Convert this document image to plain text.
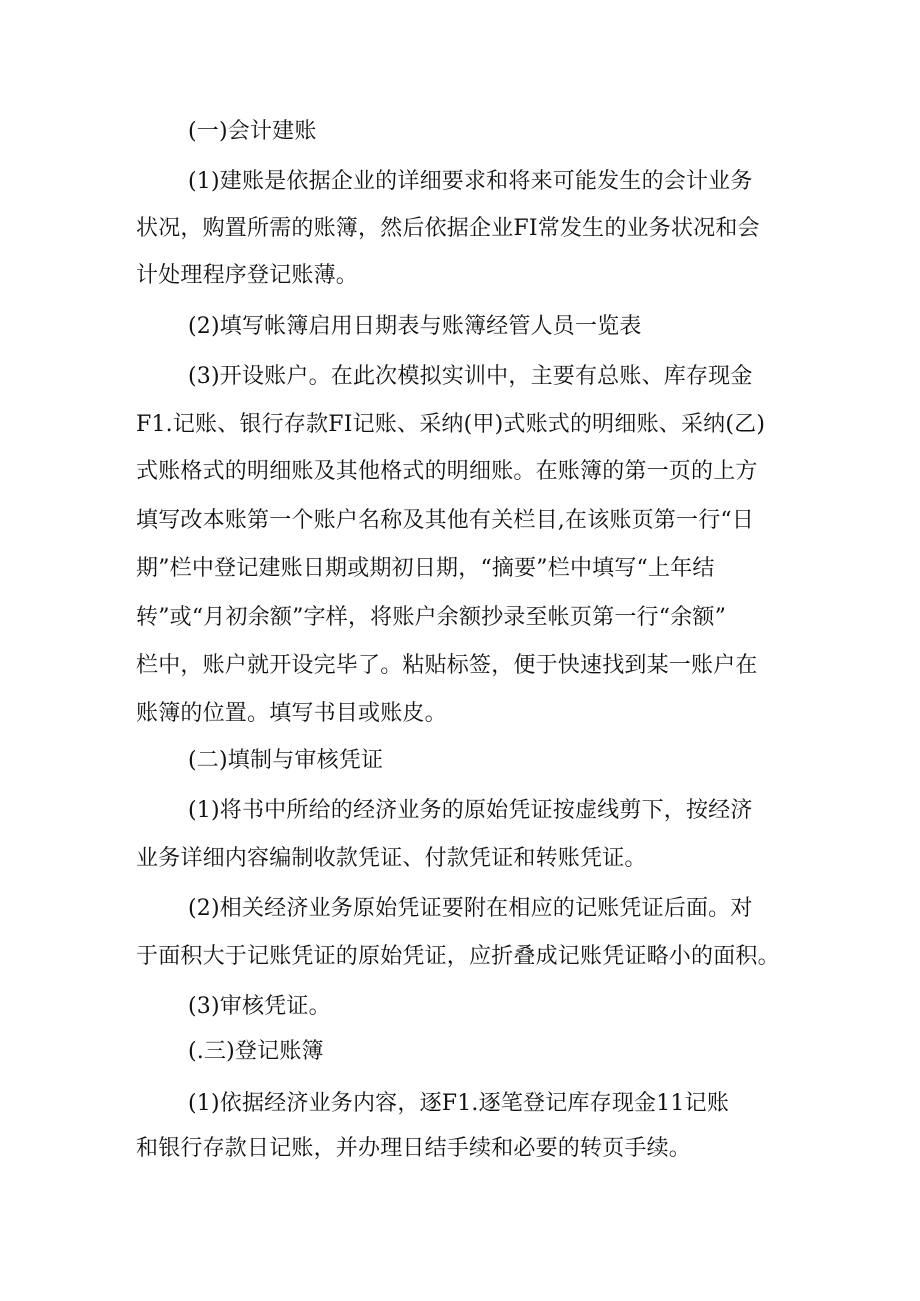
(一)会计建账

(1)建账是依据企业的详细要求和将来可能发生的会计业务

状况，购置所需的账簿，然后依据企业FI常发生的业务状况和会

计处理程序登记账薄。

(2)填写帐簿启用日期表与账簿经管人员一览表

(3)开设账户。在此次模拟实训中，主要有总账、库存现金

F1.记账、银行存款FI记账、采纳(甲)式账式的明细账、采纳(乙)

式账格式的明细账及其他格式的明细账。在账簿的第一页的上方

填写改本账第一个账户名称及其他有关栏目,在该账页第一行“日

期”栏中登记建账日期或期初日期，“摘要”栏中填写“上年结

转”或“月初余额”字样，将账户余额抄录至帐页第一行“余额”

栏中，账户就开设完毕了。粘贴标签，便于快速找到某一账户在

账簿的位置。填写书目或账皮。

(二)填制与审核凭证

(1)将书中所给的经济业务的原始凭证按虚线剪下，按经济

业务详细内容编制收款凭证、付款凭证和转账凭证。

(2)相关经济业务原始凭证要附在相应的记账凭证后面。对

于面积大于记账凭证的原始凭证，应折叠成记账凭证略小的面积。

(3)审核凭证。

(.三)登记账簿

(1)依据经济业务内容，逐F1.逐笔登记库存现金11记账

和银行存款日记账，并办理日结手续和必要的转页手续。
